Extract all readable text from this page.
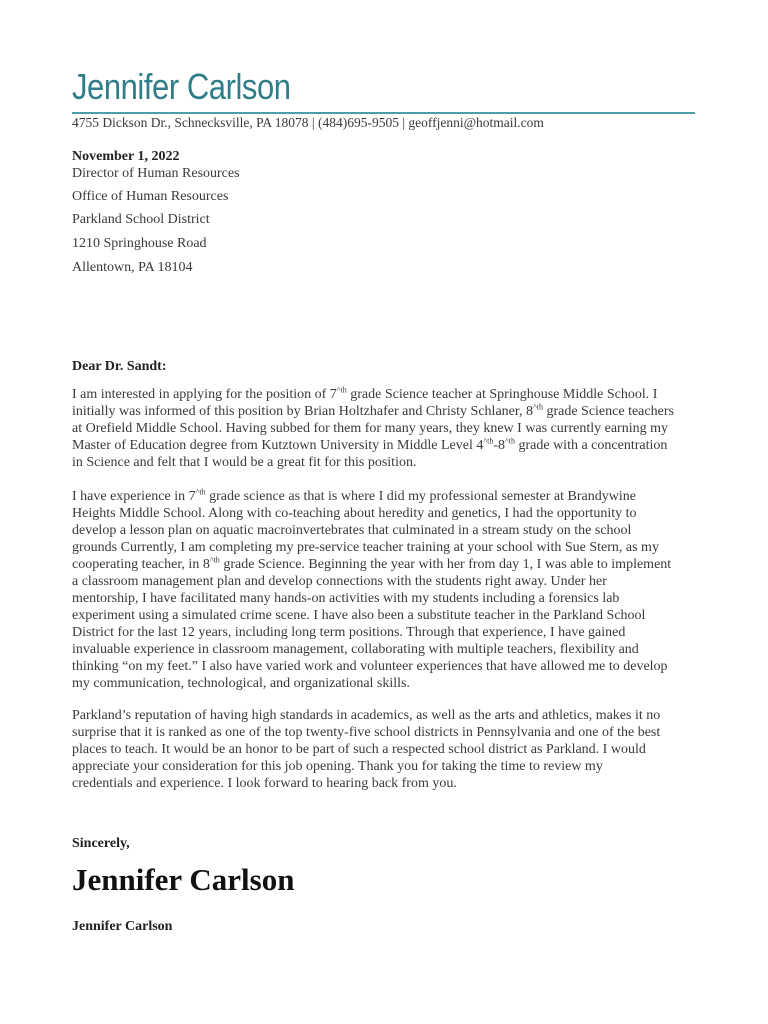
Jennifer Carlson
4755 Dickson Dr., Schnecksville, PA 18078 | (484)695-9505 | geoffjenni@hotmail.com
November 1, 2022
Director of Human Resources
Office of Human Resources
Parkland School District
1210 Springhouse Road
Allentown, PA 18104
Dear Dr. Sandt:
I am interested in applying for the position of $7^{\^{}th}$ grade Science teacher at Springhouse Middle School. I
initially was informed of this position by Brian Holtzhafer and Christy Schlaner, $8^{\^{}th}$ grade Science teachers
at Orefield Middle School. Having subbed for them for many years, they knew I was currently earning my
Master of Education degree from Kutztown University in Middle Level $4^{\^{}th}-8^{\^{}th}$ grade with a concentration
in Science and felt that I would be a great fit for this position.
I have experience in $7^{\^{}th}$ grade science as that is where I did my professional semester at Brandywine
Heights Middle School. Along with co-teaching about heredity and genetics, I had the opportunity to
develop a lesson plan on aquatic macroinvertebrates that culminated in a stream study on the school
grounds Currently, I am completing my pre-service teacher training at your school with Sue Stern, as my
cooperating teacher, in $8^{\^{}th}$ grade Science. Beginning the year with her from day 1, I was able to implement
a classroom management plan and develop connections with the students right away. Under her
mentorship, I have facilitated many hands-on activities with my students including a forensics lab
experiment using a simulated crime scene. I have also been a substitute teacher in the Parkland School
District for the last 12 years, including long term positions. Through that experience, I have gained
invaluable experience in classroom management, collaborating with multiple teachers, flexibility and
thinking “on my feet.” I also have varied work and volunteer experiences that have allowed me to develop
my communication, technological, and organizational skills.
Parkland’s reputation of having high standards in academics, as well as the arts and athletics, makes it no
surprise that it is ranked as one of the top twenty-five school districts in Pennsylvania and one of the best
places to teach. It would be an honor to be part of such a respected school district as Parkland. I would
appreciate your consideration for this job opening. Thank you for taking the time to review my
credentials and experience. I look forward to hearing back from you.
Sincerely,
Jennifer Carlson
Jennifer Carlson
